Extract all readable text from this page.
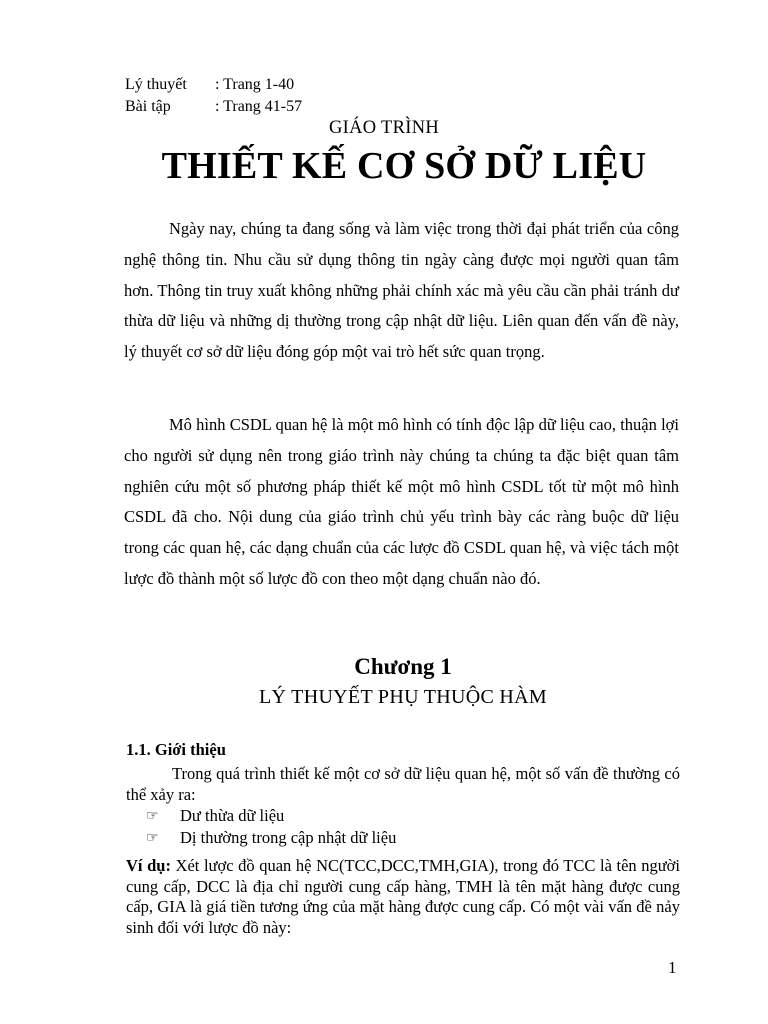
Lý thuyết	: Trang 1-40
Bài tập	: Trang 41-57
GIÁO TRÌNH
THIẾT KẾ CƠ SỞ DỮ LIỆU

Ngày nay, chúng ta đang sống và làm việc trong thời đại phát triển của công nghệ thông tin. Nhu cầu sử dụng thông tin ngày càng được mọi người quan tâm hơn. Thông tin truy xuất không những phải chính xác mà yêu cầu cần phải tránh dư thừa dữ liệu và những dị thường trong cập nhật dữ liệu. Liên quan đến vấn đề này, lý thuyết cơ sở dữ liệu đóng góp một vai trò hết sức quan trọng.

Mô hình CSDL quan hệ là một mô hình có tính độc lập dữ liệu cao, thuận lợi cho người sử dụng nên trong giáo trình này chúng ta chúng ta đặc biệt quan tâm nghiên cứu một số phương pháp thiết kế một mô hình CSDL tốt từ một mô hình CSDL đã cho. Nội dung của giáo trình chủ yếu trình bày các ràng buộc dữ liệu trong các quan hệ, các dạng chuẩn của các lược đồ CSDL quan hệ, và việc tách một lược đồ thành một số lược đồ con theo một dạng chuẩn nào đó.

Chương 1
LÝ THUYẾT PHỤ THUỘC HÀM
1.1. Giới thiệu

Trong quá trình thiết kế một cơ sở dữ liệu quan hệ, một số vấn đề thường có thể xảy ra:

☞	Dư thừa dữ liệu
☞	Dị thường trong cập nhật dữ liệu

Ví dụ: Xét lược đồ quan hệ NC(TCC,DCC,TMH,GIA), trong đó TCC là tên người cung cấp, DCC là địa chỉ người cung cấp hàng, TMH là tên mặt hàng được cung cấp, GIA là giá tiền tương ứng của mặt hàng được cung cấp. Có một vài vấn đề nảy sinh đối với lược đồ này:

1
